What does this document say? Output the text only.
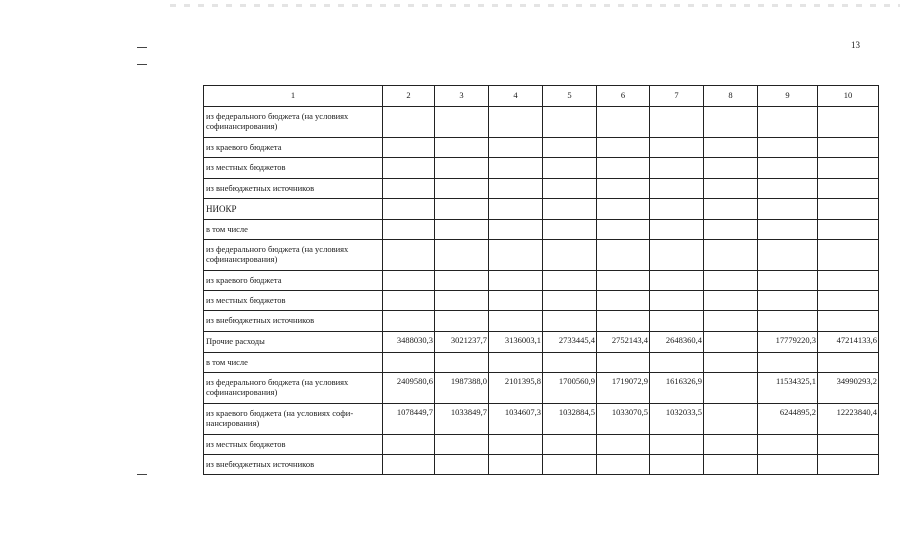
13
1	2	3	4	5	6	7	8	9	10
из федерального бюджета (на условиях софинансирования)									
из краевого бюджета									
из местных бюджетов									
из внебюджетных источников									
НИОКР									
в том числе									
из федерального бюджета (на условиях софинансирования)									
из краевого бюджета									
из местных бюджетов									
из внебюджетных источников									
Прочие расходы	3488030,3	3021237,7	3136003,1	2733445,4	2752143,4	2648360,4		17779220,3	47214133,6
в том числе									
из федерального бюджета (на условиях софинансирования)	2409580,6	1987388,0	2101395,8	1700560,9	1719072,9	1616326,9		11534325,1	34990293,2
из краевого бюджета (на условиях софи-нансирования)	1078449,7	1033849,7	1034607,3	1032884,5	1033070,5	1032033,5		6244895,2	12223840,4
из местных бюджетов									
из внебюджетных источников									
